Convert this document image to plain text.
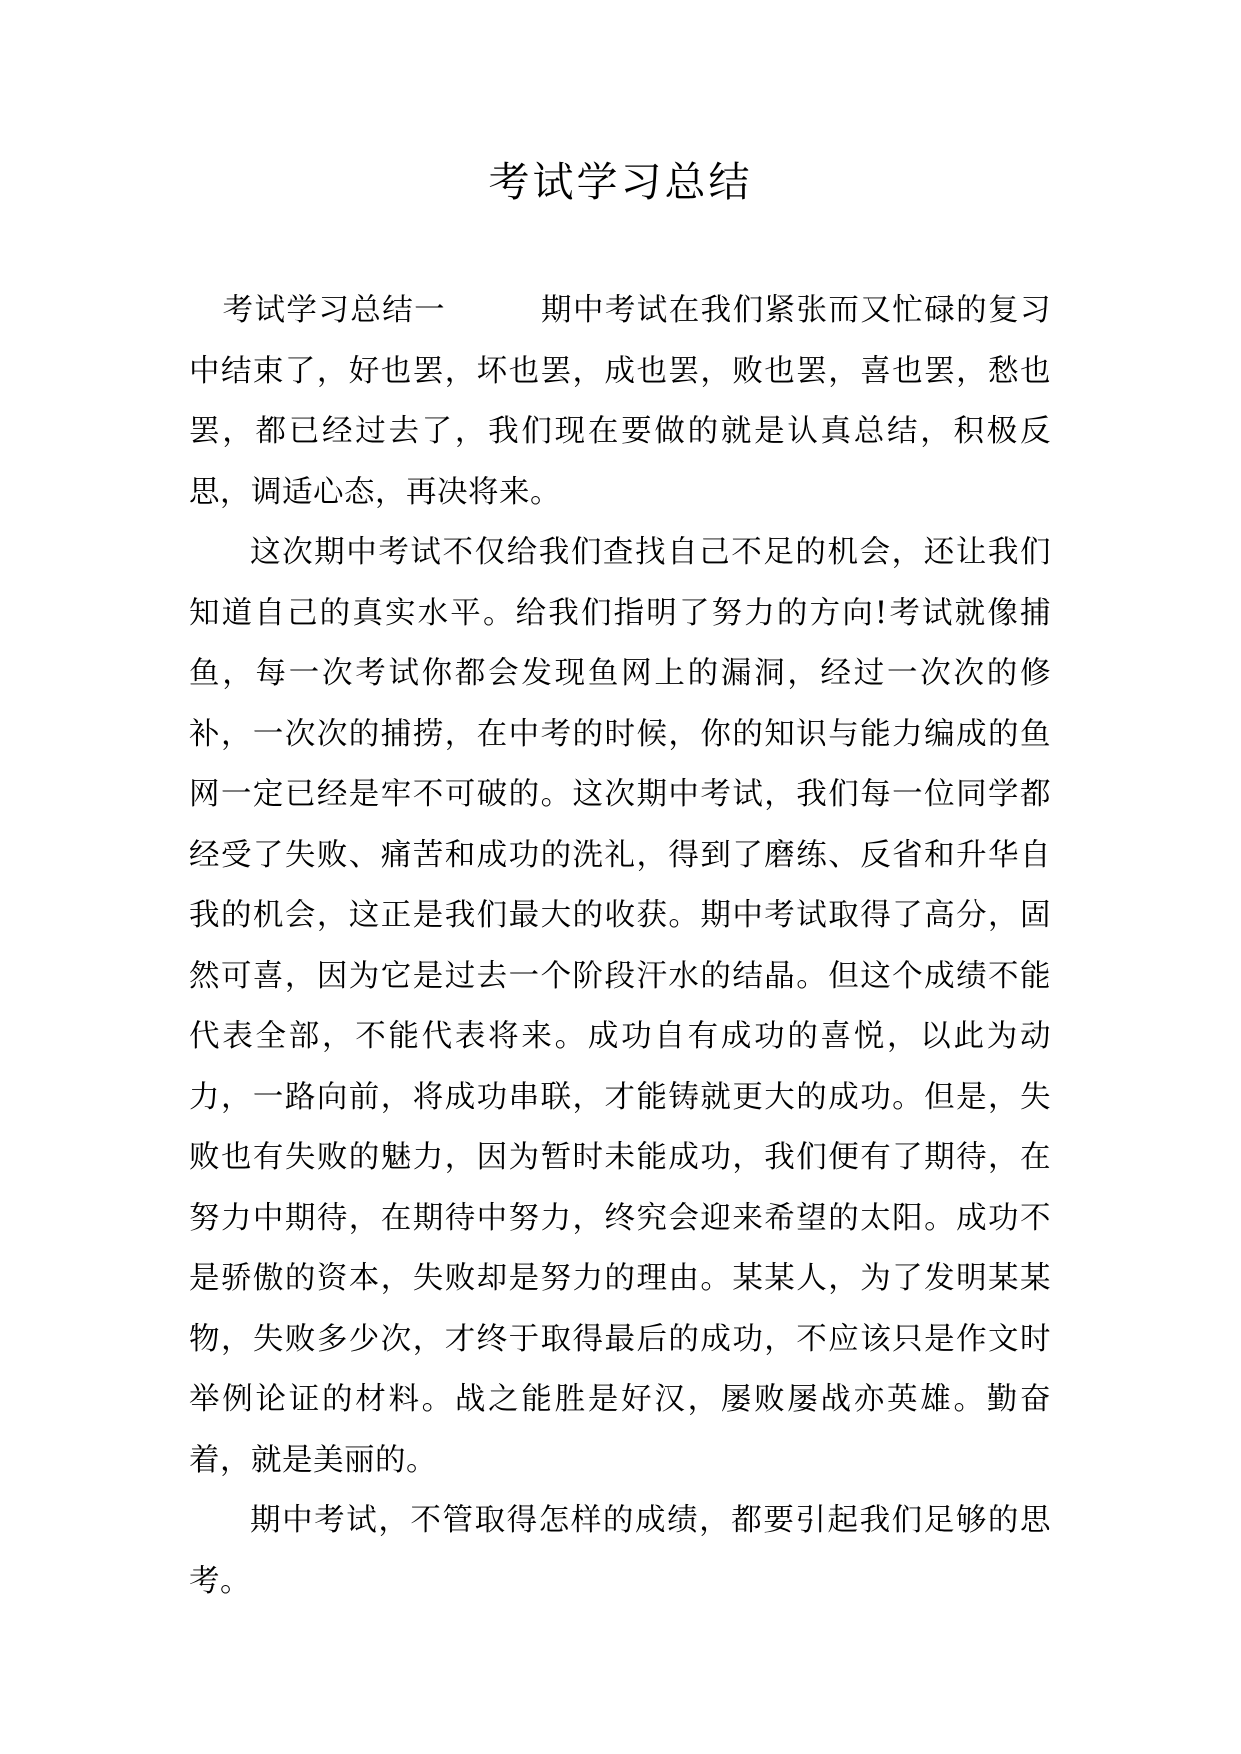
考试学习总结

考试学习总结一	期中考试在我们紧张而又忙碌的复习中结束了，好也罢，坏也罢，成也罢，败也罢，喜也罢，愁也罢，都已经过去了，我们现在要做的就是认真总结，积极反思，调适心态，再决将来。

这次期中考试不仅给我们查找自己不足的机会，还让我们知道自己的真实水平。给我们指明了努力的方向!考试就像捕鱼，每一次考试你都会发现鱼网上的漏洞，经过一次次的修补，一次次的捕捞，在中考的时候，你的知识与能力编成的鱼网一定已经是牢不可破的。这次期中考试，我们每一位同学都经受了失败、痛苦和成功的洗礼，得到了磨练、反省和升华自我的机会，这正是我们最大的收获。期中考试取得了高分，固然可喜，因为它是过去一个阶段汗水的结晶。但这个成绩不能代表全部，不能代表将来。成功自有成功的喜悦，以此为动力，一路向前，将成功串联，才能铸就更大的成功。但是，失败也有失败的魅力，因为暂时未能成功，我们便有了期待，在努力中期待，在期待中努力，终究会迎来希望的太阳。成功不是骄傲的资本，失败却是努力的理由。某某人，为了发明某某物，失败多少次，才终于取得最后的成功，不应该只是作文时举例论证的材料。战之能胜是好汉，屡败屡战亦英雄。勤奋着，就是美丽的。

期中考试，不管取得怎样的成绩，都要引起我们足够的思考。
